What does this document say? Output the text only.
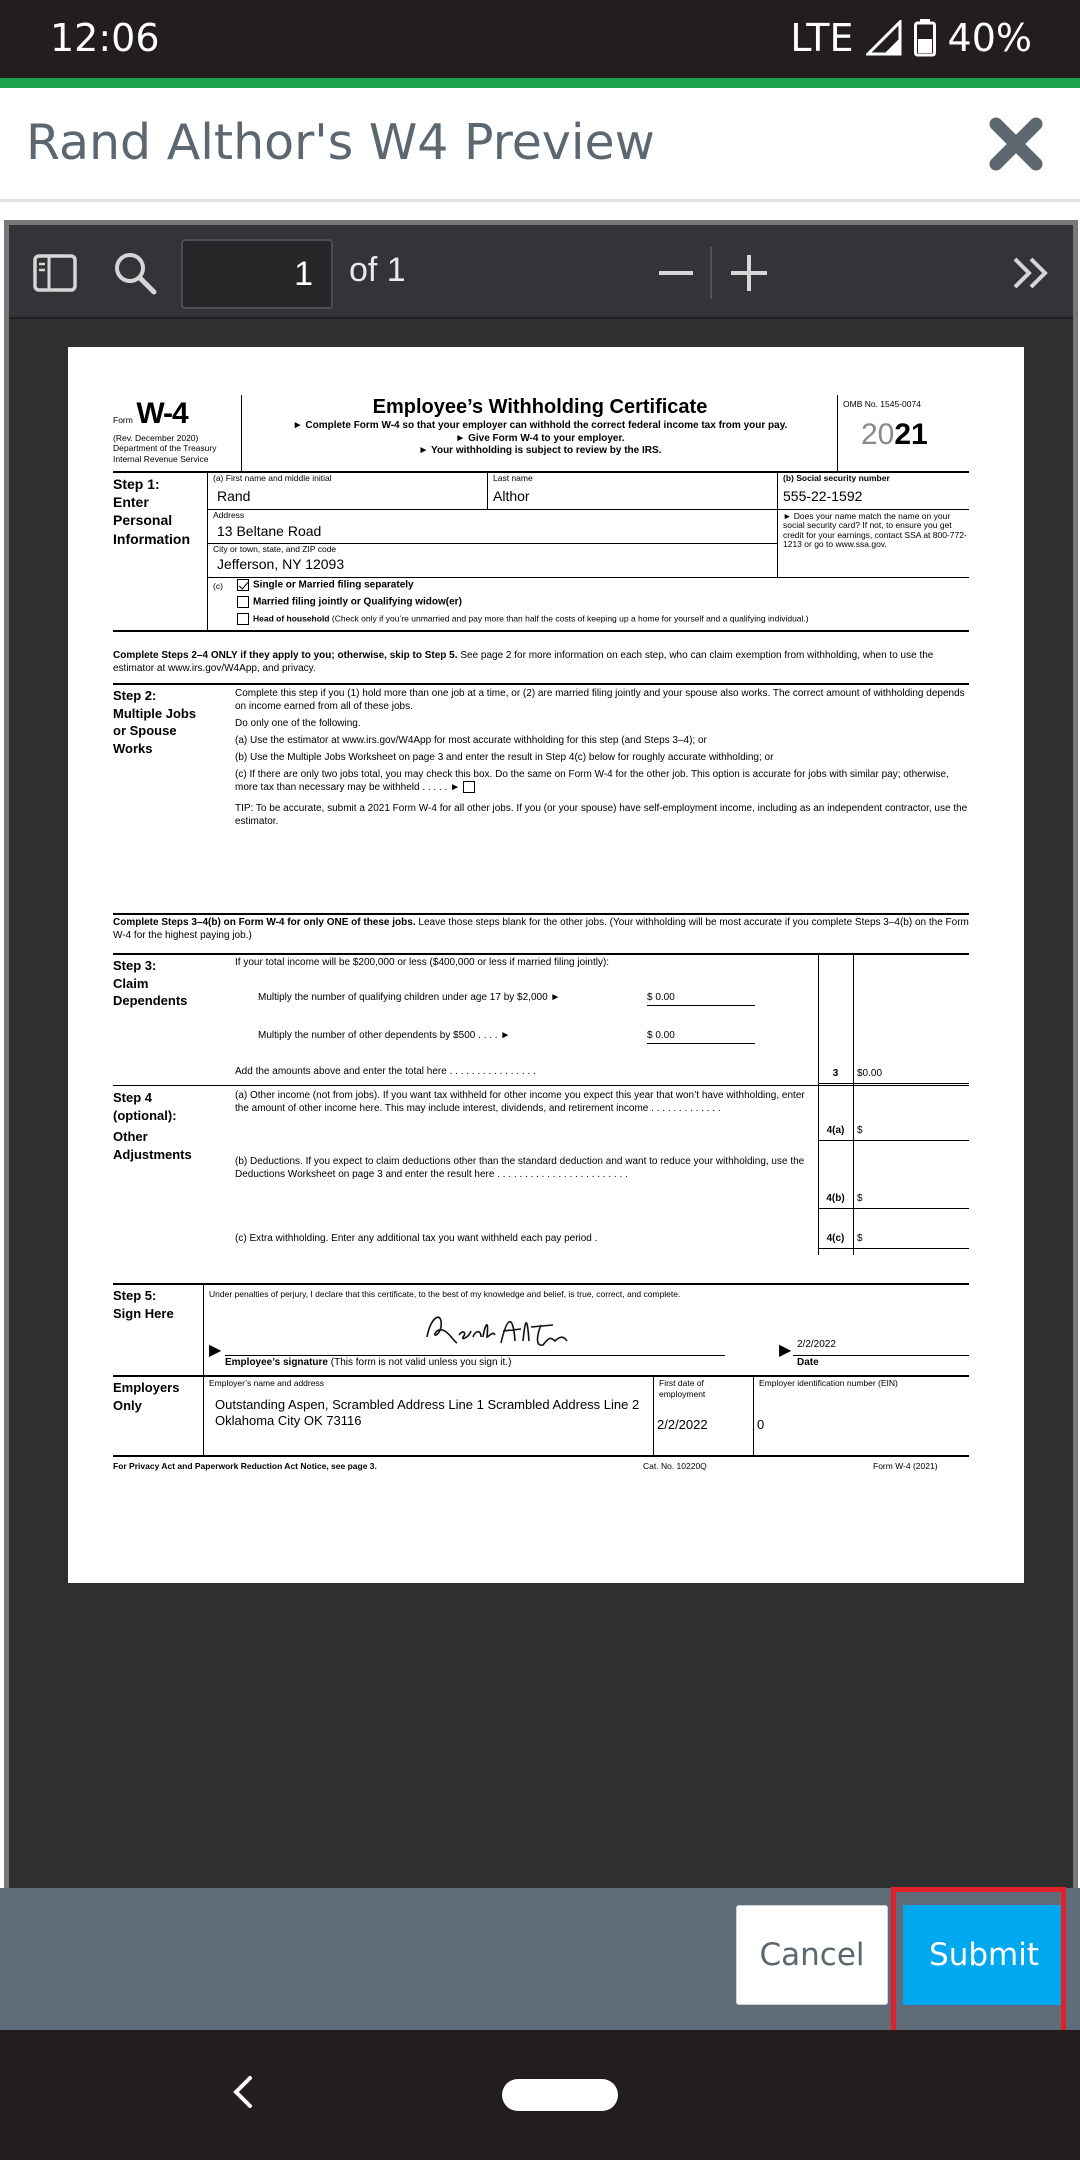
12:06	LTE 40%
Rand Althor's W4 Preview
1
of 1
Form W-4
(Rev. December 2020)
Department of the Treasury
Internal Revenue Service
Employee’s Withholding Certificate
► Complete Form W-4 so that your employer can withhold the correct federal income tax from your pay.
► Give Form W-4 to your employer.
► Your withholding is subject to review by the IRS.
OMB No. 1545-0074
2021
Step 1:
Enter Personal Information
(a) First name and middle initial
Rand
Last name
Althor
(b) Social security number
555-22-1592
Address
13 Beltane Road
► Does your name match the name on your social security card? If not, to ensure you get credit for your earnings, contact SSA at 800-772-1213 or go to www.ssa.gov.
City or town, state, and ZIP code
Jefferson, NY 12093
(c)	Single or Married filing separately
Married filing jointly or Qualifying widow(er)
Head of household (Check only if you’re unmarried and pay more than half the costs of keeping up a home for yourself and a qualifying individual.)
Complete Steps 2–4 ONLY if they apply to you; otherwise, skip to Step 5. See page 2 for more information on each step, who can claim exemption from withholding, when to use the estimator at www.irs.gov/W4App, and privacy.
Step 2:
Multiple Jobs or Spouse Works
Complete this step if you (1) hold more than one job at a time, or (2) are married filing jointly and your spouse also works. The correct amount of withholding depends on income earned from all of these jobs.
Do only one of the following.
(a) Use the estimator at www.irs.gov/W4App for most accurate withholding for this step (and Steps 3–4); or
(b) Use the Multiple Jobs Worksheet on page 3 and enter the result in Step 4(c) below for roughly accurate withholding; or
(c) If there are only two jobs total, you may check this box. Do the same on Form W-4 for the other job. This option is accurate for jobs with similar pay; otherwise, more tax than necessary may be withheld . . . . . ►
TIP: To be accurate, submit a 2021 Form W-4 for all other jobs. If you (or your spouse) have self-employment income, including as an independent contractor, use the estimator.
Complete Steps 3–4(b) on Form W-4 for only ONE of these jobs. Leave those steps blank for the other jobs. (Your withholding will be most accurate if you complete Steps 3–4(b) on the Form W-4 for the highest paying job.)
Step 3:
Claim Dependents
If your total income will be $200,000 or less ($400,000 or less if married filing jointly):
Multiply the number of qualifying children under age 17 by $2,000 ►	$ 0.00
Multiply the number of other dependents by $500 . . . . ►	$ 0.00
Add the amounts above and enter the total here . . . . . . . . . . . . . . . .	3	$0.00
Step 4 (optional):
Other Adjustments
(a) Other income (not from jobs). If you want tax withheld for other income you expect this year that won’t have withholding, enter the amount of other income here. This may include interest, dividends, and retirement income . . . . . . . . . . . . .
4(a)	$
(b) Deductions. If you expect to claim deductions other than the standard deduction and want to reduce your withholding, use the Deductions Worksheet on page 3 and enter the result here . . . . . . . . . . . . . . . . . . . . . . . .
4(b)	$
(c) Extra withholding. Enter any additional tax you want withheld each pay period .	4(c)	$
Step 5:
Sign Here
Under penalties of perjury, I declare that this certificate, to the best of my knowledge and belief, is true, correct, and complete.
▶
Employee’s signature (This form is not valid unless you sign it.)
▶ 2/2/2022
Date
Employers Only
Employer’s name and address
Outstanding Aspen, Scrambled Address Line 1 Scrambled Address Line 2 Oklahoma City OK 73116
First date of employment
2/2/2022
Employer identification number (EIN)
0
For Privacy Act and Paperwork Reduction Act Notice, see page 3.	Cat. No. 10220Q	Form W-4 (2021)
Cancel	Submit
